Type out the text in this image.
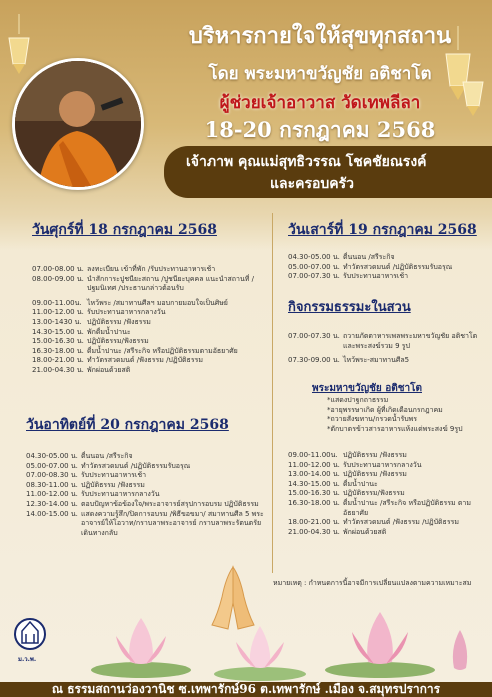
บริหารกายใจให้สุขทุกสถาน
โดย พระมหาขวัญชัย อติชาโต
ผู้ช่วยเจ้าอาวาส วัดเทพลีลา
18-20 กรกฎาคม 2568
เจ้าภาพ คุณแม่สุทธิวรรณ โชคชัยณรงค์
และครอบครัว
วันศุกร์ที่ 18 กรกฎาคม 2568
07.00-08.00 น. ลงทะเบียน เข้าที่พัก /รับประทานอาหารเช้า
08.00-09.00 น. นำสักการะปูชนียะสถาน /ปูชนียะบุคคล แนะนำสถานที่ /ปฐมนิเทศ /ประธานกล่าวต้อนรับ
09.00-11.00น. ไหว้พระ /สมาทานศีลฯ มอบกายมอบใจเป็นศิษย์
11.00-12.00 น. รับประทานอาหารกลางวัน
13.00-1430 น. ปฏิบัติธรรม /ฟังธรรม
14.30-15.00 น. พักดื่มน้ำปานะ
15.00-16.30 น. ปฏิบัติธรรม/ฟังธรรม
16.30-18.00 น. ดื่มน้ำปานะ /สรีระกิจ หรือปฏิบัติธรรมตามอัธยาศัย
18.00-21.00 น. ทำวัตรสวดมนต์ /ฟังธรรม /ปฏิบัติธรรม
21.00-04.30 น. พักผ่อนด้วยสติ
วันอาทิตย์ที่ 20 กรกฎาคม 2568
04.30-05.00 น. ตื่นนอน /สรีระกิจ
05.00-07.00 น. ทำวัตรสวดมนต์ /ปฏิบัติธรรมรับอรุณ
07.00-08.30 น. รับประทานอาหารเช้า
08.30-11.00 น. ปฏิบัติธรรม /ฟังธรรม
11.00-12.00 น. รับประทานอาหารกลางวัน
12.30-14.00 น. ตอบปัญหาข้อข้องใจ/พระอาจารย์สรุปการอบรม ปฏิบัติธรรม
14.00-15.00 น. แสดงความรู้สึก/ปิดการอบรม /พิธีขอขมา/ สมาทานศีล 5 พระอาจารย์ให้โอวาท/กราบลาพระอาจารย์ กราบลาพระรัตนตรัย เดินทางกลับ
วันเสาร์ที่ 19 กรกฎาคม 2568
04.30-05.00 น. ตื่นนอน /สรีระกิจ
05.00-07.00 น. ทำวัตรสวดมนต์ /ปฏิบัติธรรมรับอรุณ
07.00-07.30 น. รับประทานอาหารเช้า
กิจกรรมธรรมะในสวน
07.00-07.30 น. ถวายภัตตาหารเพลพระมหาขวัญชัย อติชาโต และพระสงฆ์รวม 9 รูป
07.30-09.00 น. ไหว้พระ-สมาทานศีล5
พระมหาขวัญชัย อติชาโต
*แสดงปาฐกถาธรรม
*อายุพรรษาเกิด ผู้ที่เกิดเดือนกรกฎาคม
*ถวายสังฆทาน/กรวดน้ำรับพร
*ตักบาตรข้าวสารอาหารแห้งแด่พระสงฆ์ 9รูป
09.00-11.00น. ปฏิบัติธรรม /ฟังธรรม
11.00-12.00 น. รับประทานอาหารกลางวัน
13.00-14.00 น. ปฏิบัติธรรม /ฟังธรรม
14.30-15.00 น. ดื่มน้ำปานะ
15.00-16.30 น. ปฏิบัติธรรม/ฟังธรรม
16.30-18.00 น. ดื่มน้ำปานะ /สรีระกิจ หรือปฏิบัติธรรม ตามอัธยาศัย
18.00-21.00 น. ทำวัตรสวดมนต์ /ฟังธรรม /ปฏิบัติธรรม
21.00-04.30 น. พักผ่อนด้วยสติ
หมายเหตุ : กำหนดการนี้อาจมีการเปลี่ยนแปลงตามความเหมาะสม
ม.ว.พ.
ณ ธรรมสถานว่องวานิช ซ.เทพารักษ์96 ต.เทพารักษ์ .เมือง จ.สมุทรปราการ
